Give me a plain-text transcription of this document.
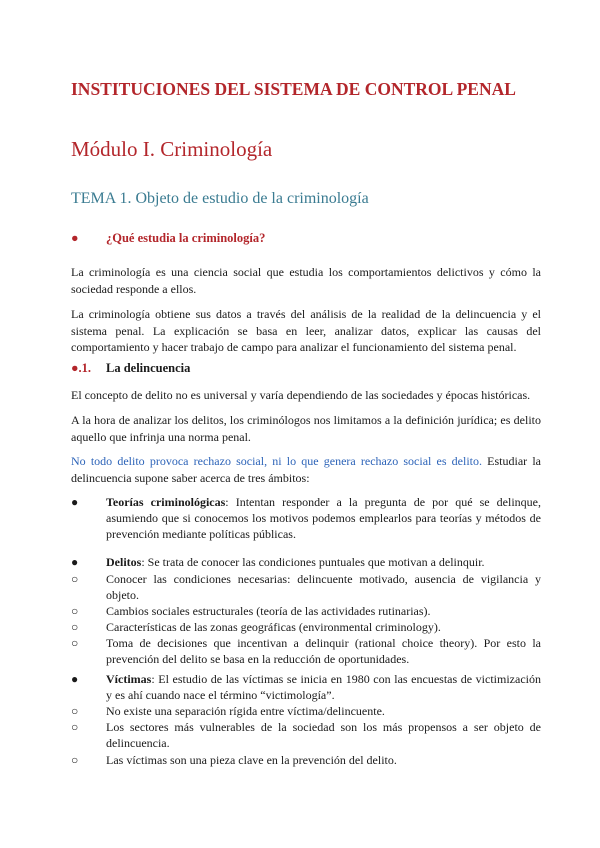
INSTITUCIONES DEL SISTEMA DE CONTROL PENAL
Módulo I. Criminología
TEMA 1. Objeto de estudio de la criminología
● ¿Qué estudia la criminología?
La criminología es una ciencia social que estudia los comportamientos delictivos y cómo la sociedad responde a ellos.
La criminología obtiene sus datos a través del análisis de la realidad de la delincuencia y el sistema penal. La explicación se basa en leer, analizar datos, explicar las causas del comportamiento y hacer trabajo de campo para analizar el funcionamiento del sistema penal.
●.1. La delincuencia
El concepto de delito no es universal y varía dependiendo de las sociedades y épocas históricas.
A la hora de analizar los delitos, los criminólogos nos limitamos a la definición jurídica; es delito aquello que infrinja una norma penal.
No todo delito provoca rechazo social, ni lo que genera rechazo social es delito. Estudiar la delincuencia supone saber acerca de tres ámbitos:
●	Teorías criminológicas: Intentan responder a la pregunta de por qué se delinque, asumiendo que si conocemos los motivos podemos emplearlos para teorías y métodos de prevención mediante políticas públicas.
●	Delitos: Se trata de conocer las condiciones puntuales que motivan a delinquir.
○	Conocer las condiciones necesarias: delincuente motivado, ausencia de vigilancia y objeto.
○	Cambios sociales estructurales (teoría de las actividades rutinarias).
○	Características de las zonas geográficas (environmental criminology).
○	Toma de decisiones que incentivan a delinquir (rational choice theory). Por esto la prevención del delito se basa en la reducción de oportunidades.
●	Víctimas: El estudio de las víctimas se inicia en 1980 con las encuestas de victimización y es ahí cuando nace el término “victimología”.
○	No existe una separación rígida entre víctima/delincuente.
○	Los sectores más vulnerables de la sociedad son los más propensos a ser objeto de delincuencia.
○	Las víctimas son una pieza clave en la prevención del delito.
